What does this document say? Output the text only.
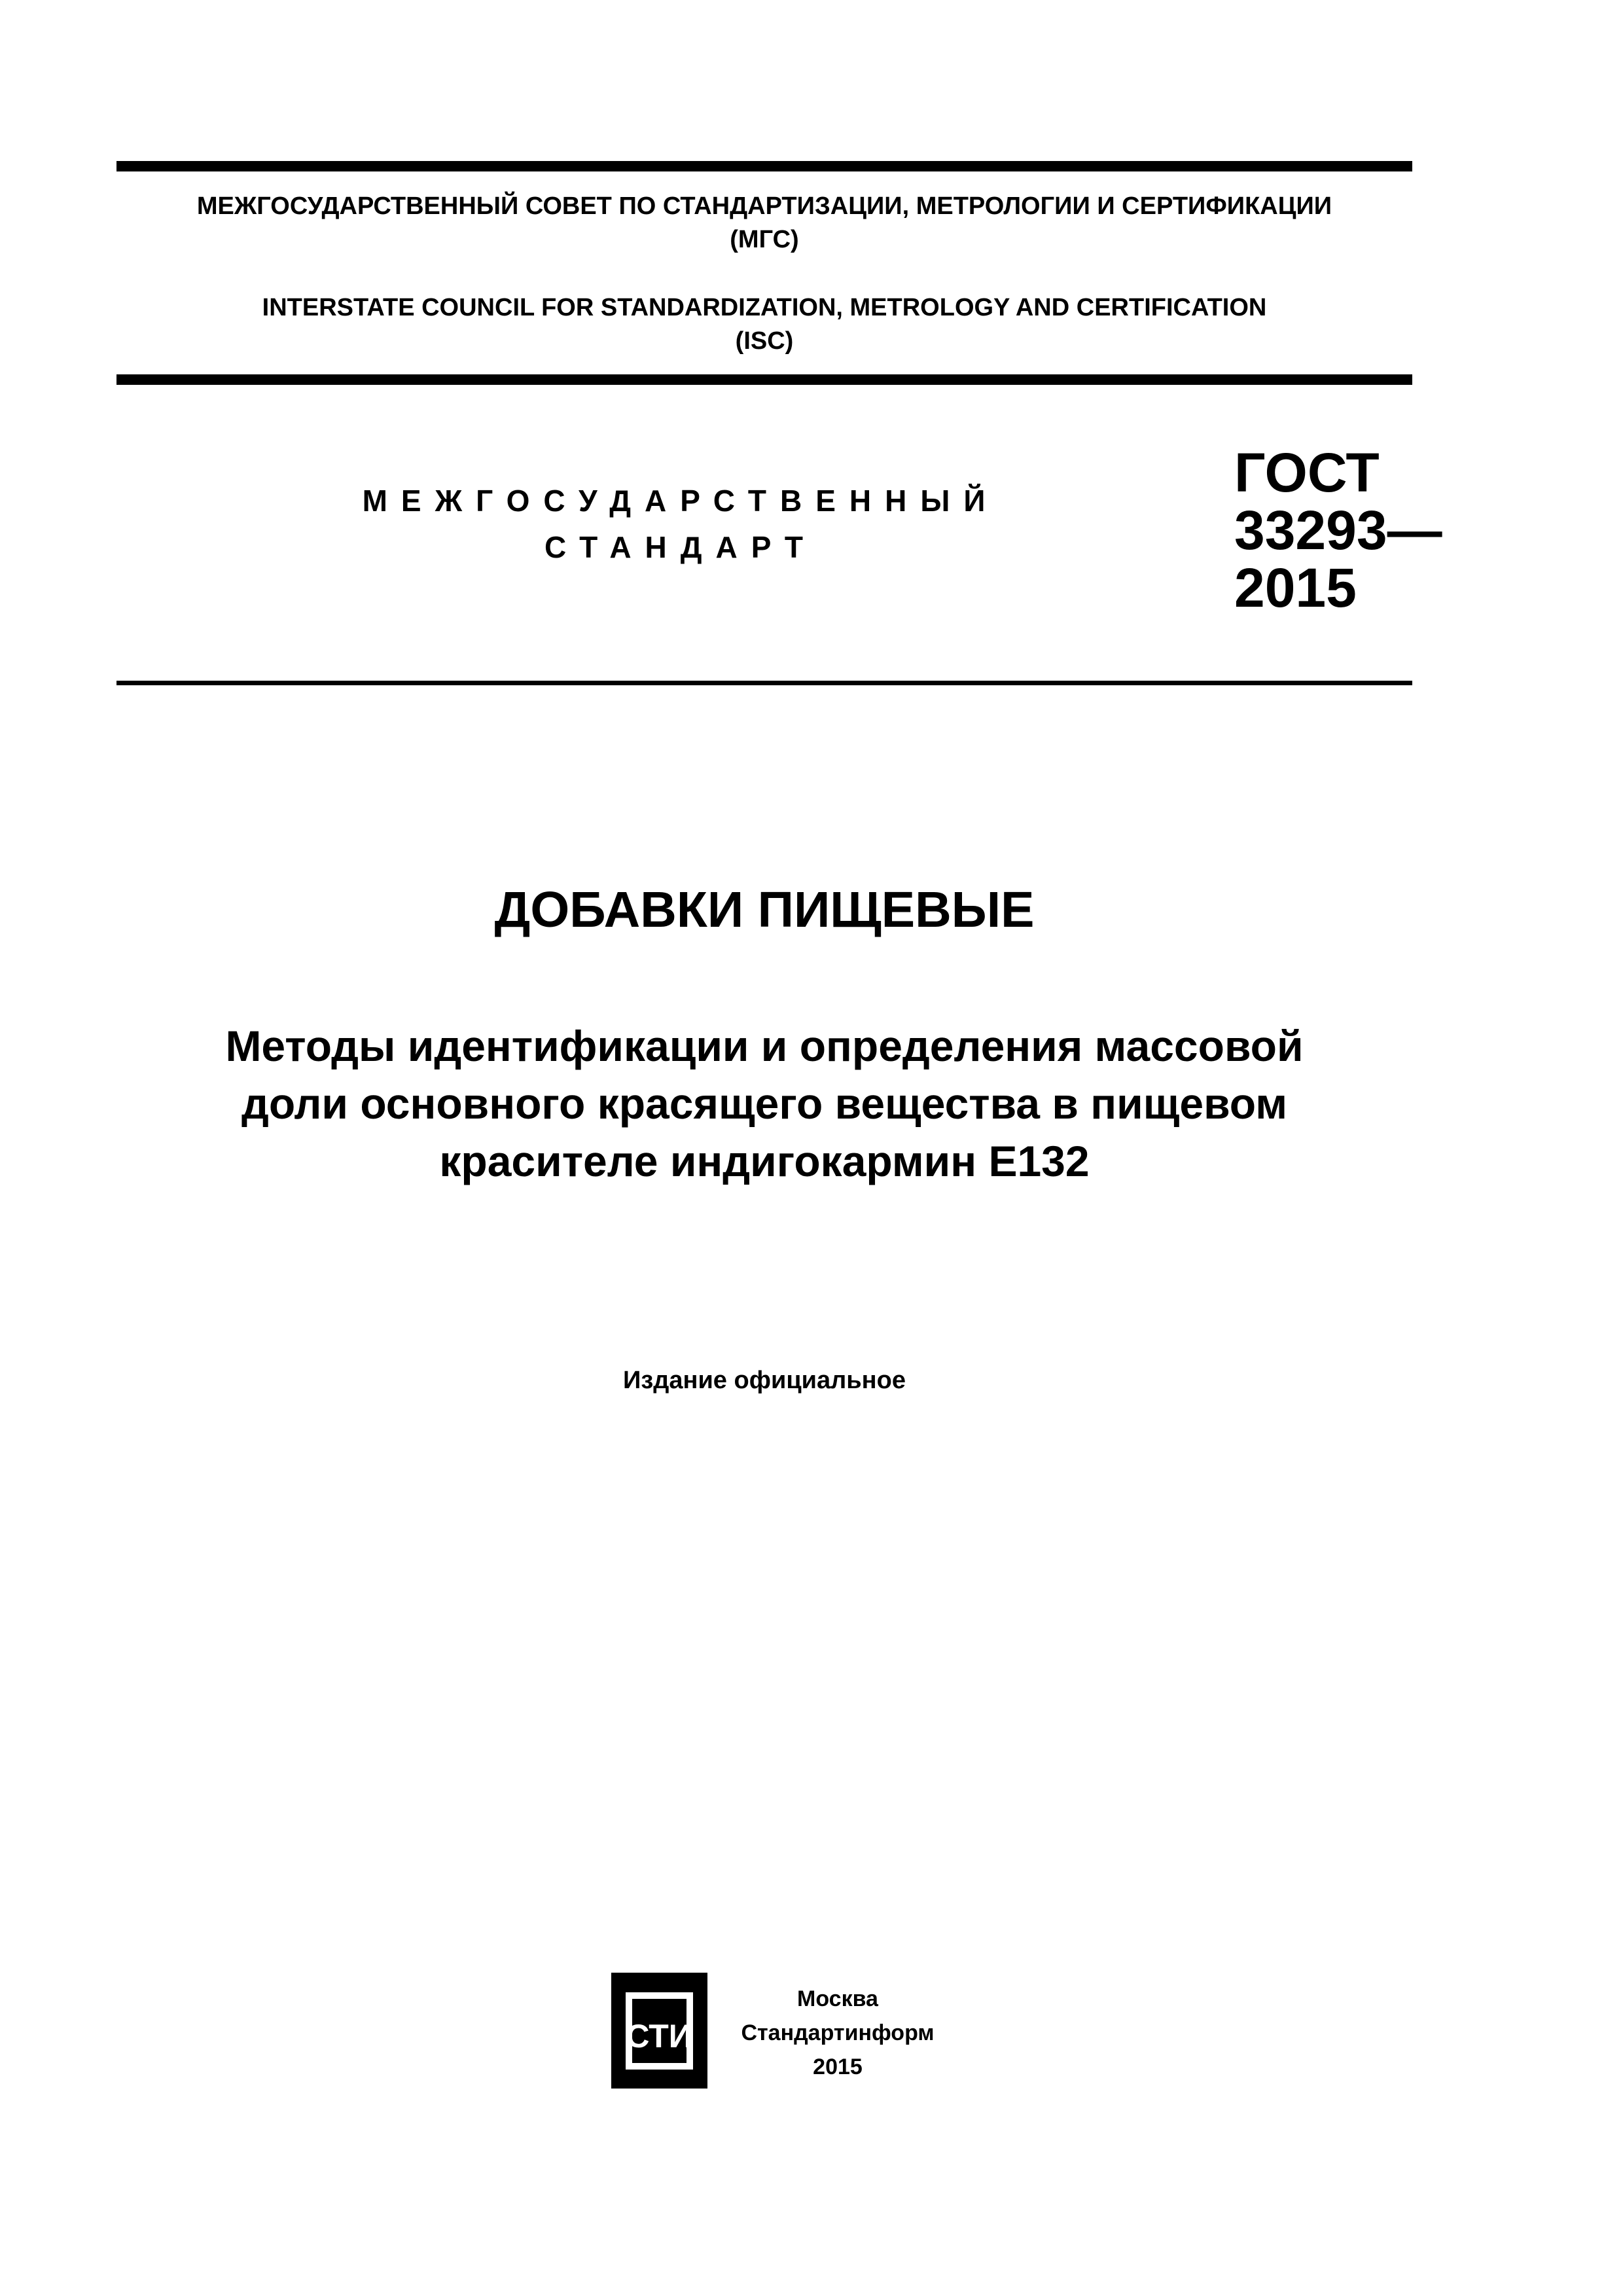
МЕЖГОСУДАРСТВЕННЫЙ СОВЕТ ПО СТАНДАРТИЗАЦИИ, МЕТРОЛОГИИ И СЕРТИФИКАЦИИ
(МГС)
INTERSTATE COUNCIL FOR STANDARDIZATION, METROLOGY AND CERTIFICATION
(ISC)
МЕЖГОСУДАРСТВЕННЫЙ
СТАНДАРТ
ГОСТ
33293—
2015
ДОБАВКИ ПИЩЕВЫЕ
Методы идентификации и определения массовой
доли основного красящего вещества в пищевом
красителе индигокармин Е132
Издание официальное
СТИ
Москва
Стандартинформ
2015
